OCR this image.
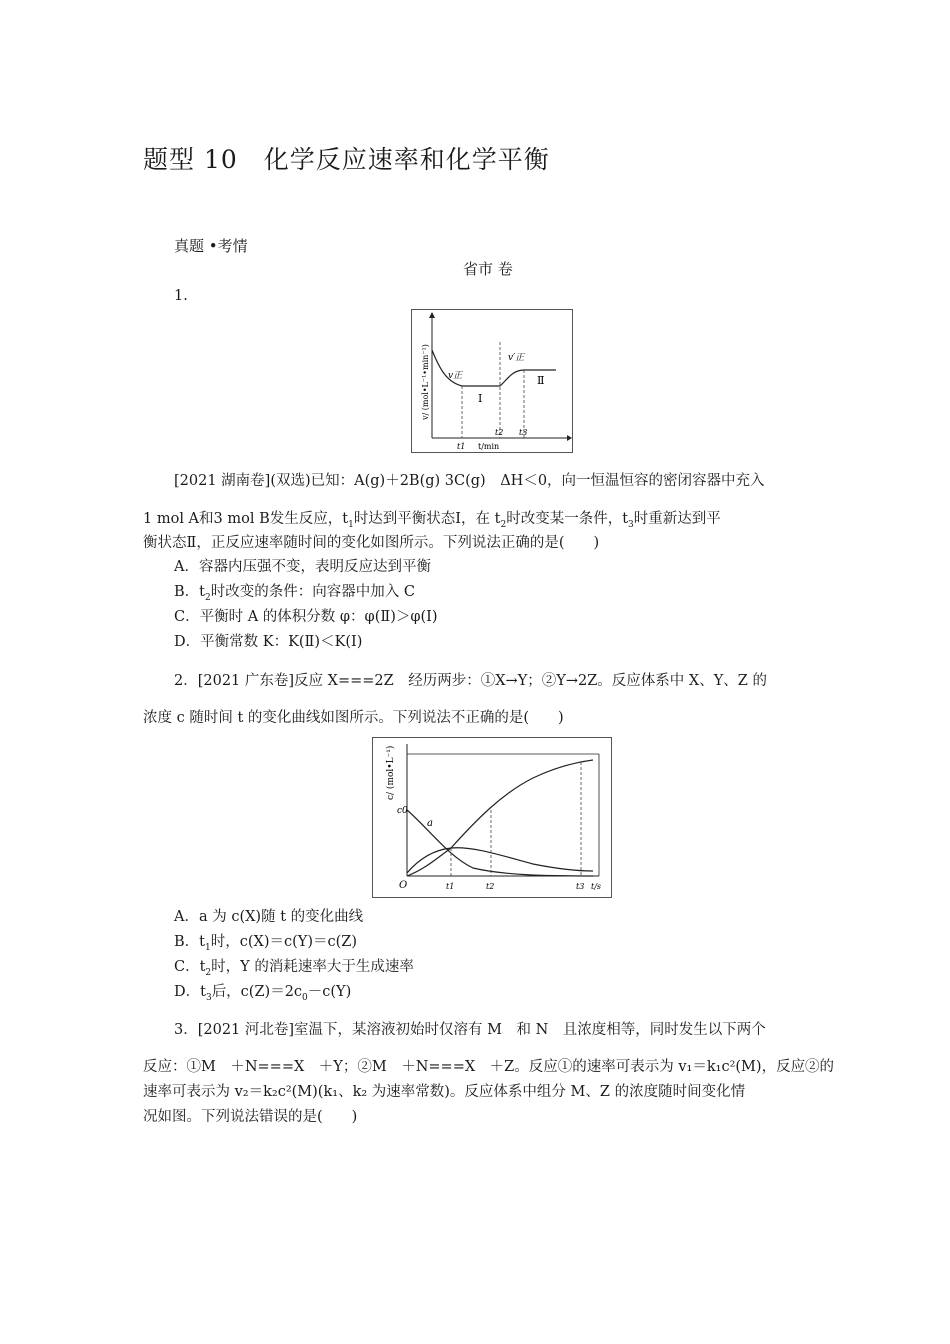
题型 10　化学反应速率和化学平衡
真题 •考情
省市 卷
1.
v正
v′正
Ⅰ
Ⅱ
t1
t2 t3
t/min
v/ (mol•L⁻¹•min⁻¹)
[2021 湖南卷](双选)已知：A(g)＋2B(g) 3C(g)　ΔH＜0，向一恒温恒容的密闭容器中充入
1 mol A和3 mol B发生反应，$t_1$时达到平衡状态Ⅰ，在 $t_2$时改变某一条件，$t_3$时重新达到平
衡状态Ⅱ，正反应速率随时间的变化如图所示。下列说法正确的是(　　)
A．容器内压强不变，表明反应达到平衡
B．$t_2$时改变的条件：向容器中加入 C
C．平衡时 A 的体积分数 φ：φ(Ⅱ)＞φ(Ⅰ)
D．平衡常数 K：K(Ⅱ)＜K(Ⅰ)
2．[2021 广东卷]反应 X===2Z　经历两步：①X→Y；②Y→2Z。反应体系中 X、Y、Z 的
浓度 c 随时间 t 的变化曲线如图所示。下列说法不正确的是(　　)
c0
a
O	t1	t2	t3 t/s
c/ (mol•L⁻¹)
A．a 为 c(X)随 t 的变化曲线
B．$t_1$时，c(X)＝c(Y)＝c(Z)
C．$t_2$时，Y 的消耗速率大于生成速率
D．$t_3$后，$c(Z)=2c_0-c(Y)$
3．[2021 河北卷]室温下，某溶液初始时仅溶有 M　和 N　且浓度相等，同时发生以下两个
反应：①M　＋N===X　＋Y；②M　＋N===X　＋Z。反应①的速率可表示为 v₁＝k₁c²(M)，反应②的
速率可表示为 v₂＝k₂c²(M)(k₁、k₂ 为速率常数)。反应体系中组分 M、Z 的浓度随时间变化情
况如图。下列说法错误的是(　　)
